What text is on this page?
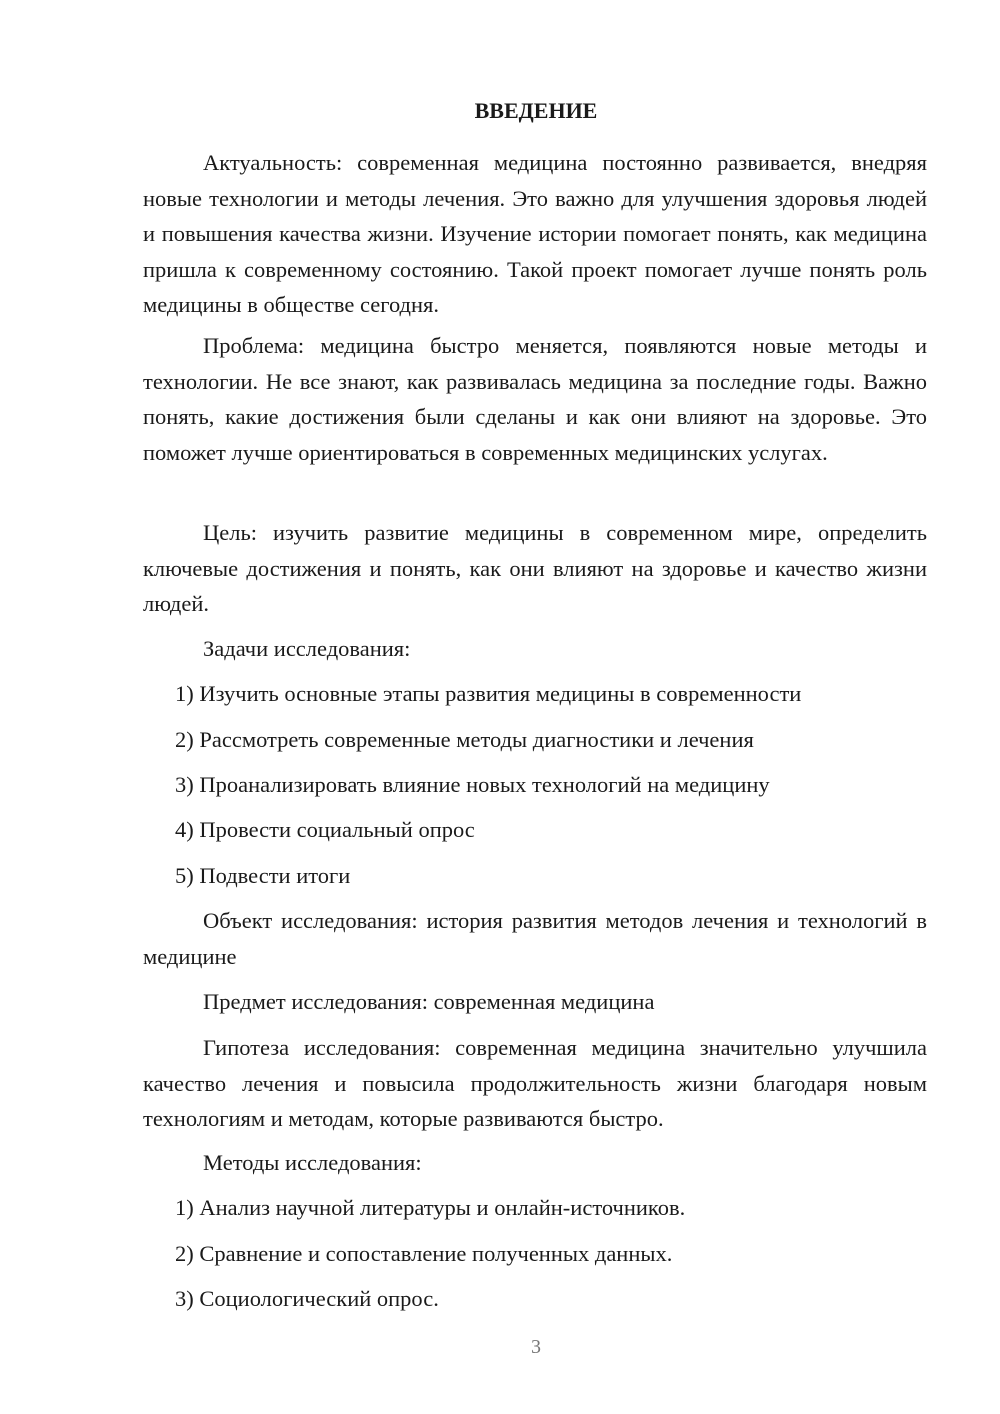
ВВЕДЕНИЕ

Актуальность: современная медицина постоянно развивается, внедряя новые технологии и методы лечения. Это важно для улучшения здоровья людей и повышения качества жизни. Изучение истории помогает понять, как медицина пришла к современному состоянию. Такой проект помогает лучше понять роль медицины в обществе сегодня.

Проблема: медицина быстро меняется, появляются новые методы и технологии. Не все знают, как развивалась медицина за последние годы. Важно понять, какие достижения были сделаны и как они влияют на здоровье. Это поможет лучше ориентироваться в современных медицинских услугах.

Цель: изучить развитие медицины в современном мире, определить ключевые достижения и понять, как они влияют на здоровье и качество жизни людей.

Задачи исследования:

1) Изучить основные этапы развития медицины в современности

2) Рассмотреть современные методы диагностики и лечения

3) Проанализировать влияние новых технологий на медицину

4) Провести социальный опрос

5) Подвести итоги

Объект исследования: история развития методов лечения и технологий в медицине

Предмет исследования: современная медицина

Гипотеза исследования: современная медицина значительно улучшила качество лечения и повысила продолжительность жизни благодаря новым технологиям и методам, которые развиваются быстро.

Методы исследования:

1) Анализ научной литературы и онлайн-источников.

2) Сравнение и сопоставление полученных данных.

3) Социологический опрос.

3
